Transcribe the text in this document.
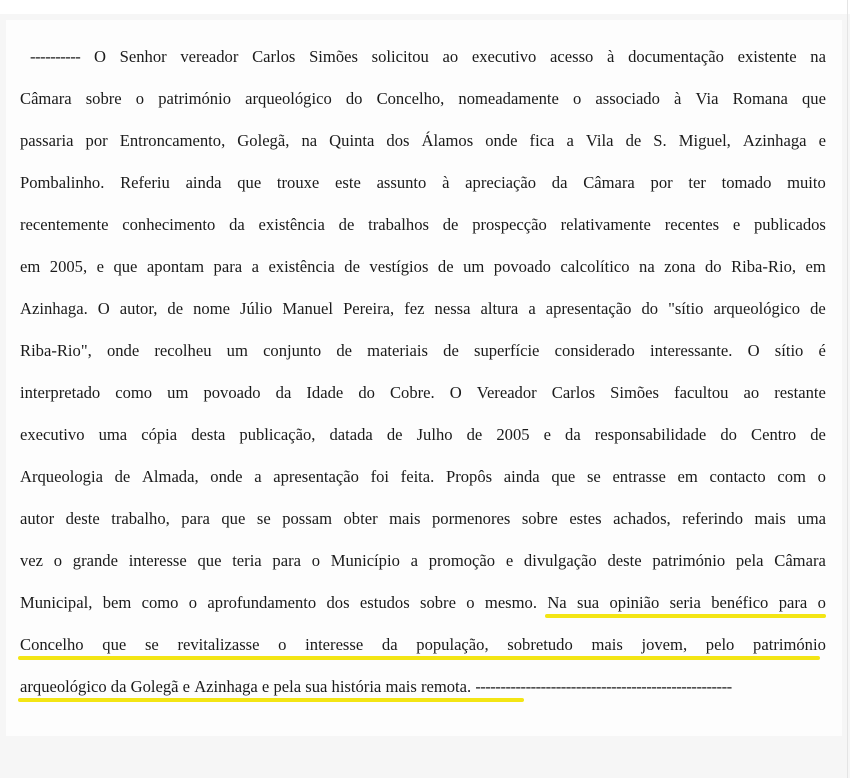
---------- O Senhor vereador Carlos Simões solicitou ao executivo acesso à documentação existente na
Câmara sobre o património arqueológico do Concelho, nomeadamente o associado à Via Romana que
passaria por Entroncamento, Golegã, na Quinta dos Álamos onde fica a Vila de S. Miguel, Azinhaga e
Pombalinho. Referiu ainda que trouxe este assunto à apreciação da Câmara por ter tomado muito
recentemente conhecimento da existência de trabalhos de prospecção relativamente recentes e publicados
em 2005, e que apontam para a existência de vestígios de um povoado calcolítico na zona do Riba-Rio, em
Azinhaga. O autor, de nome Júlio Manuel Pereira, fez nessa altura a apresentação do "sítio arqueológico de
Riba-Rio", onde recolheu um conjunto de materiais de superfície considerado interessante. O sítio é
interpretado como um povoado da Idade do Cobre. O Vereador Carlos Simões facultou ao restante
executivo uma cópia desta publicação, datada de Julho de 2005 e da responsabilidade do Centro de
Arqueologia de Almada, onde a apresentação foi feita. Propôs ainda que se entrasse em contacto com o
autor deste trabalho, para que se possam obter mais pormenores sobre estes achados, referindo mais uma
vez o grande interesse que teria para o Município a promoção e divulgação deste património pela Câmara
Municipal, bem como o aprofundamento dos estudos sobre o mesmo. Na sua opinião seria benéfico para o
Concelho que se revitalizasse o interesse da população, sobretudo mais jovem, pelo património
arqueológico da Golegã e Azinhaga e pela sua história mais remota. ---------------------------------------------------
